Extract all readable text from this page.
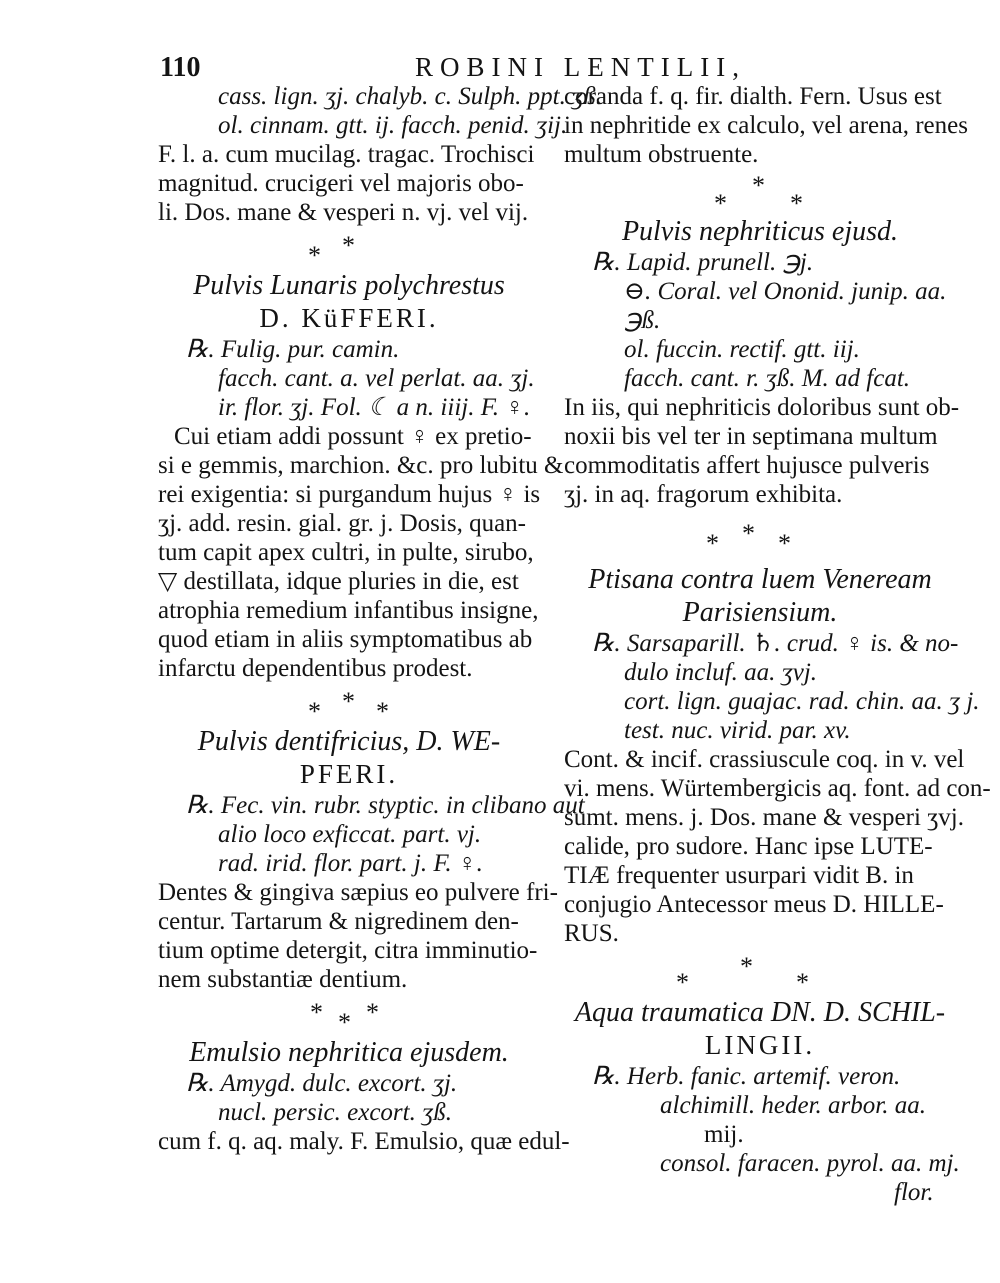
110	ROBINI LENTILII,
cass. lign. ʒj. chalyb. c. Sulph. ppt. ʒß.
ol. cinnam. gtt. ij. facch. penid. ʒij.
F. l. a. cum mucilag. tragac. Trochisci
magnitud. crucigeri vel majoris obo-
li. Dos. mane & vesperi n. vj. vel vij.
* *
Pulvis Lunaris polychrestus
D. KüFFERI.
℞. Fulig. pur. camin.
facch. cant. a. vel perlat. aa. ʒj.
ir. flor. ʒj. Fol. ☾ a n. iiij. F. ♀.
Cui etiam addi possunt ♀ ex pretio-
si e gemmis, marchion. &c. pro lubitu &
rei exigentia: si purgandum hujus ♀ is
ʒj. add. resin. gial. gr. j. Dosis, quan-
tum capit apex cultri, in pulte, sirubo,
▽ destillata, idque pluries in die, est
atrophia remedium infantibus insigne,
quod etiam in aliis symptomatibus ab
infarctu dependentibus prodest.
* * *
Pulvis dentifricius, D. WE-
PFERI.
℞. Fec. vin. rubr. styptic. in clibano aut
alio loco exficcat. part. vj.
rad. irid. flor. part. j. F. ♀.
Dentes & gingiva sæpius eo pulvere fri-
centur. Tartarum & nigredinem den-
tium optime detergit, citra imminutio-
nem substantiæ dentium.
* * *
Emulsio nephritica ejusdem.
℞. Amygd. dulc. excort. ʒj.
nucl. persic. excort. ʒß.
cum f. q. aq. maly. F. Emulsio, quæ edul-
coranda f. q. fir. dialth. Fern. Usus est
in nephritide ex calculo, vel arena, renes
multum obstruente.
*
* *
Pulvis nephriticus ejusd.
℞. Lapid. prunell. ℈j.
⊖. Coral. vel Ononid. junip. aa.
℈ß.
ol. fuccin. rectif. gtt. iij.
facch. cant. r. ʒß. M. ad fcat.
In iis, qui nephriticis doloribus sunt ob-
noxii bis vel ter in septimana multum
commoditatis affert hujusce pulveris
ʒj. in aq. fragorum exhibita.
* * *
Ptisana contra luem Veneream
Parisiensium.
℞. Sarsaparill. ♄. crud. ♀ is. & no-
dulo incluf. aa. ʒvj.
cort. lign. guajac. rad. chin. aa. ʒ j.
test. nuc. virid. par. xv.
Cont. & incif. crassiuscule coq. in v. vel
vi. mens. Würtembergicis aq. font. ad con-
sumt. mens. j. Dos. mane & vesperi ʒvj.
calide, pro sudore. Hanc ipse LUTE-
TIÆ frequenter usurpari vidit B. in
conjugio Antecessor meus D. HILLE-
RUS.
*
*	*
Aqua traumatica DN. D. SCHIL-
LINGII.
℞. Herb. fanic. artemif. veron.
alchimill. heder. arbor. aa.
mij.
consol. faracen. pyrol. aa. mj.
flor.
